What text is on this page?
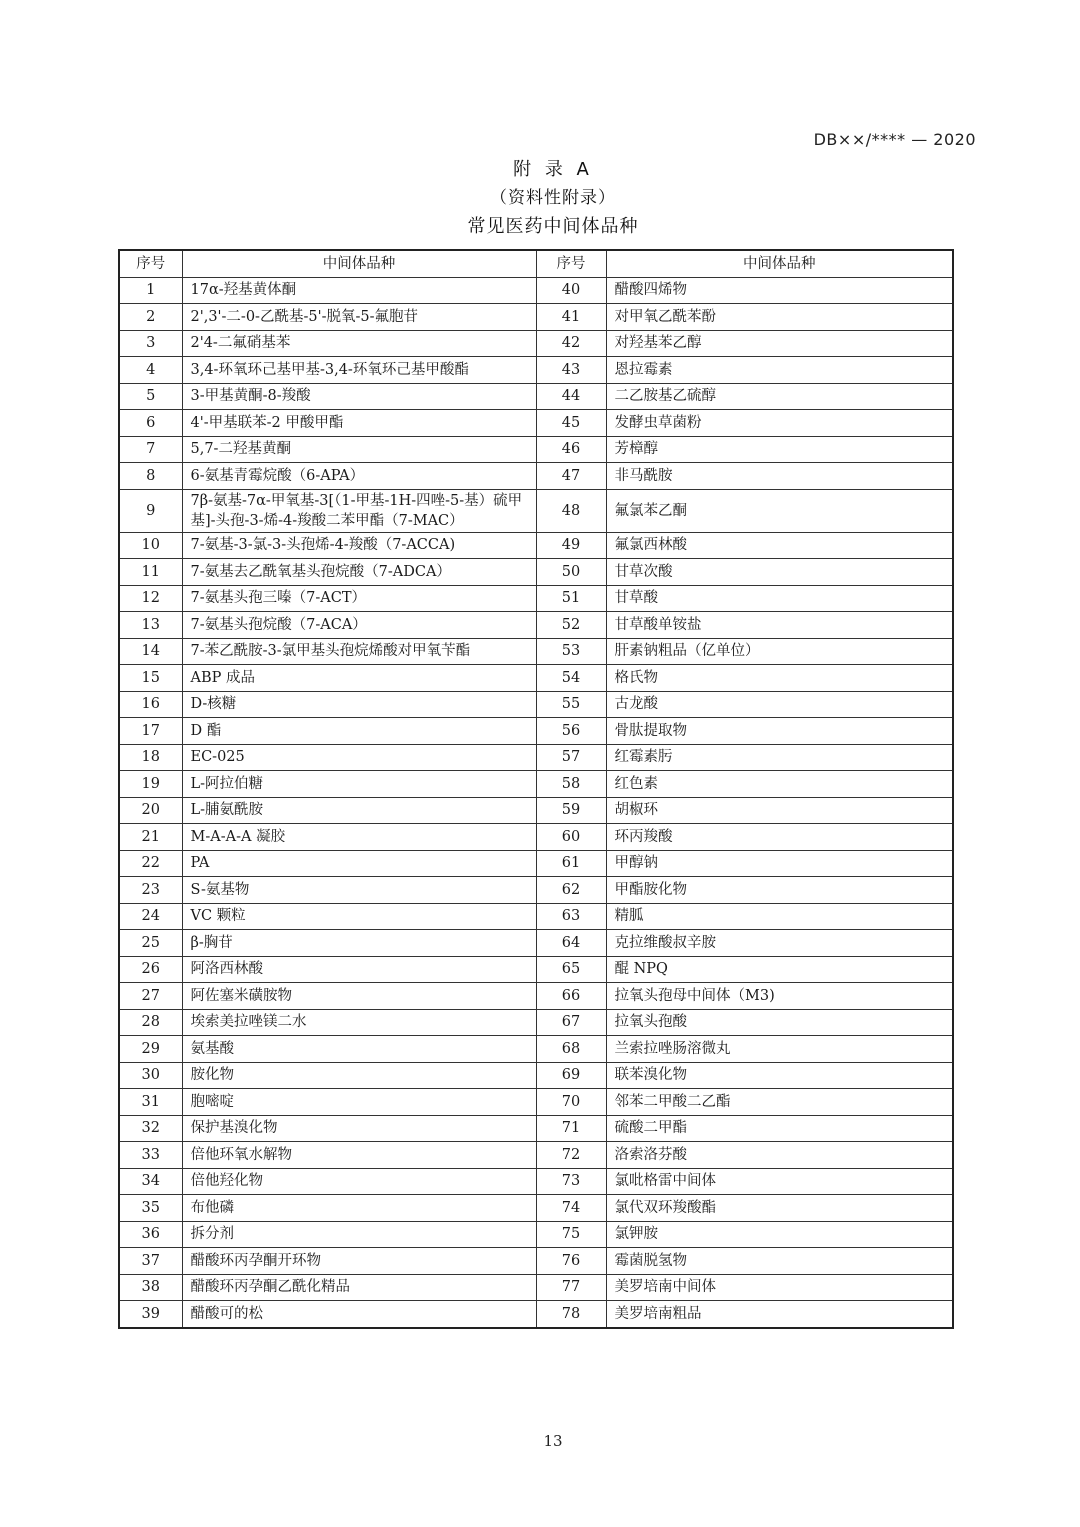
DB××/**** — 2020
附 录 A
（资料性附录）
常见医药中间体品种
序号	中间体品种	序号	中间体品种
1	17α-羟基黄体酮	40	醋酸四烯物
2	2',3'-二-0-乙酰基-5'-脱氧-5-氟胞苷	41	对甲氧乙酰苯酚
3	2'4-二氟硝基苯	42	对羟基苯乙醇
4	3,4-环氧环己基甲基-3,4-环氧环己基甲酸酯	43	恩拉霉素
5	3-甲基黄酮-8-羧酸	44	二乙胺基乙硫醇
6	4'-甲基联苯-2 甲酸甲酯	45	发酵虫草菌粉
7	5,7-二羟基黄酮	46	芳樟醇
8	6-氨基青霉烷酸（6-APA）	47	非马酰胺
9	7β-氨基-7α-甲氧基-3[（1-甲基-1H-四唑-5-基）硫甲基]-头孢-3-烯-4-羧酸二苯甲酯（7-MAC）	48	氟氯苯乙酮
10	7-氨基-3-氯-3-头孢烯-4-羧酸（7-ACCA)	49	氟氯西林酸
11	7-氨基去乙酰氧基头孢烷酸（7-ADCA）	50	甘草次酸
12	7-氨基头孢三嗪（7-ACT）	51	甘草酸
13	7-氨基头孢烷酸（7-ACA）	52	甘草酸单铵盐
14	7-苯乙酰胺-3-氯甲基头孢烷烯酸对甲氧苄酯	53	肝素钠粗品（亿单位）
15	ABP 成品	54	格氏物
16	D-核糖	55	古龙酸
17	D 酯	56	骨肽提取物
18	EC-025	57	红霉素肟
19	L-阿拉伯糖	58	红色素
20	L-脯氨酰胺	59	胡椒环
21	M-A-A-A 凝胶	60	环丙羧酸
22	PA	61	甲醇钠
23	S-氨基物	62	甲酯胺化物
24	VC 颗粒	63	精胍
25	β-胸苷	64	克拉维酸叔辛胺
26	阿洛西林酸	65	醌 NPQ
27	阿佐塞米磺胺物	66	拉氧头孢母中间体（M3)
28	埃索美拉唑镁二水	67	拉氧头孢酸
29	氨基酸	68	兰索拉唑肠溶微丸
30	胺化物	69	联苯溴化物
31	胞嘧啶	70	邻苯二甲酸二乙酯
32	保护基溴化物	71	硫酸二甲酯
33	倍他环氧水解物	72	洛索洛芬酸
34	倍他羟化物	73	氯吡格雷中间体
35	布他磷	74	氯代双环羧酸酯
36	拆分剂	75	氯钾胺
37	醋酸环丙孕酮开环物	76	霉菌脱氢物
38	醋酸环丙孕酮乙酰化精品	77	美罗培南中间体
39	醋酸可的松	78	美罗培南粗品
13
